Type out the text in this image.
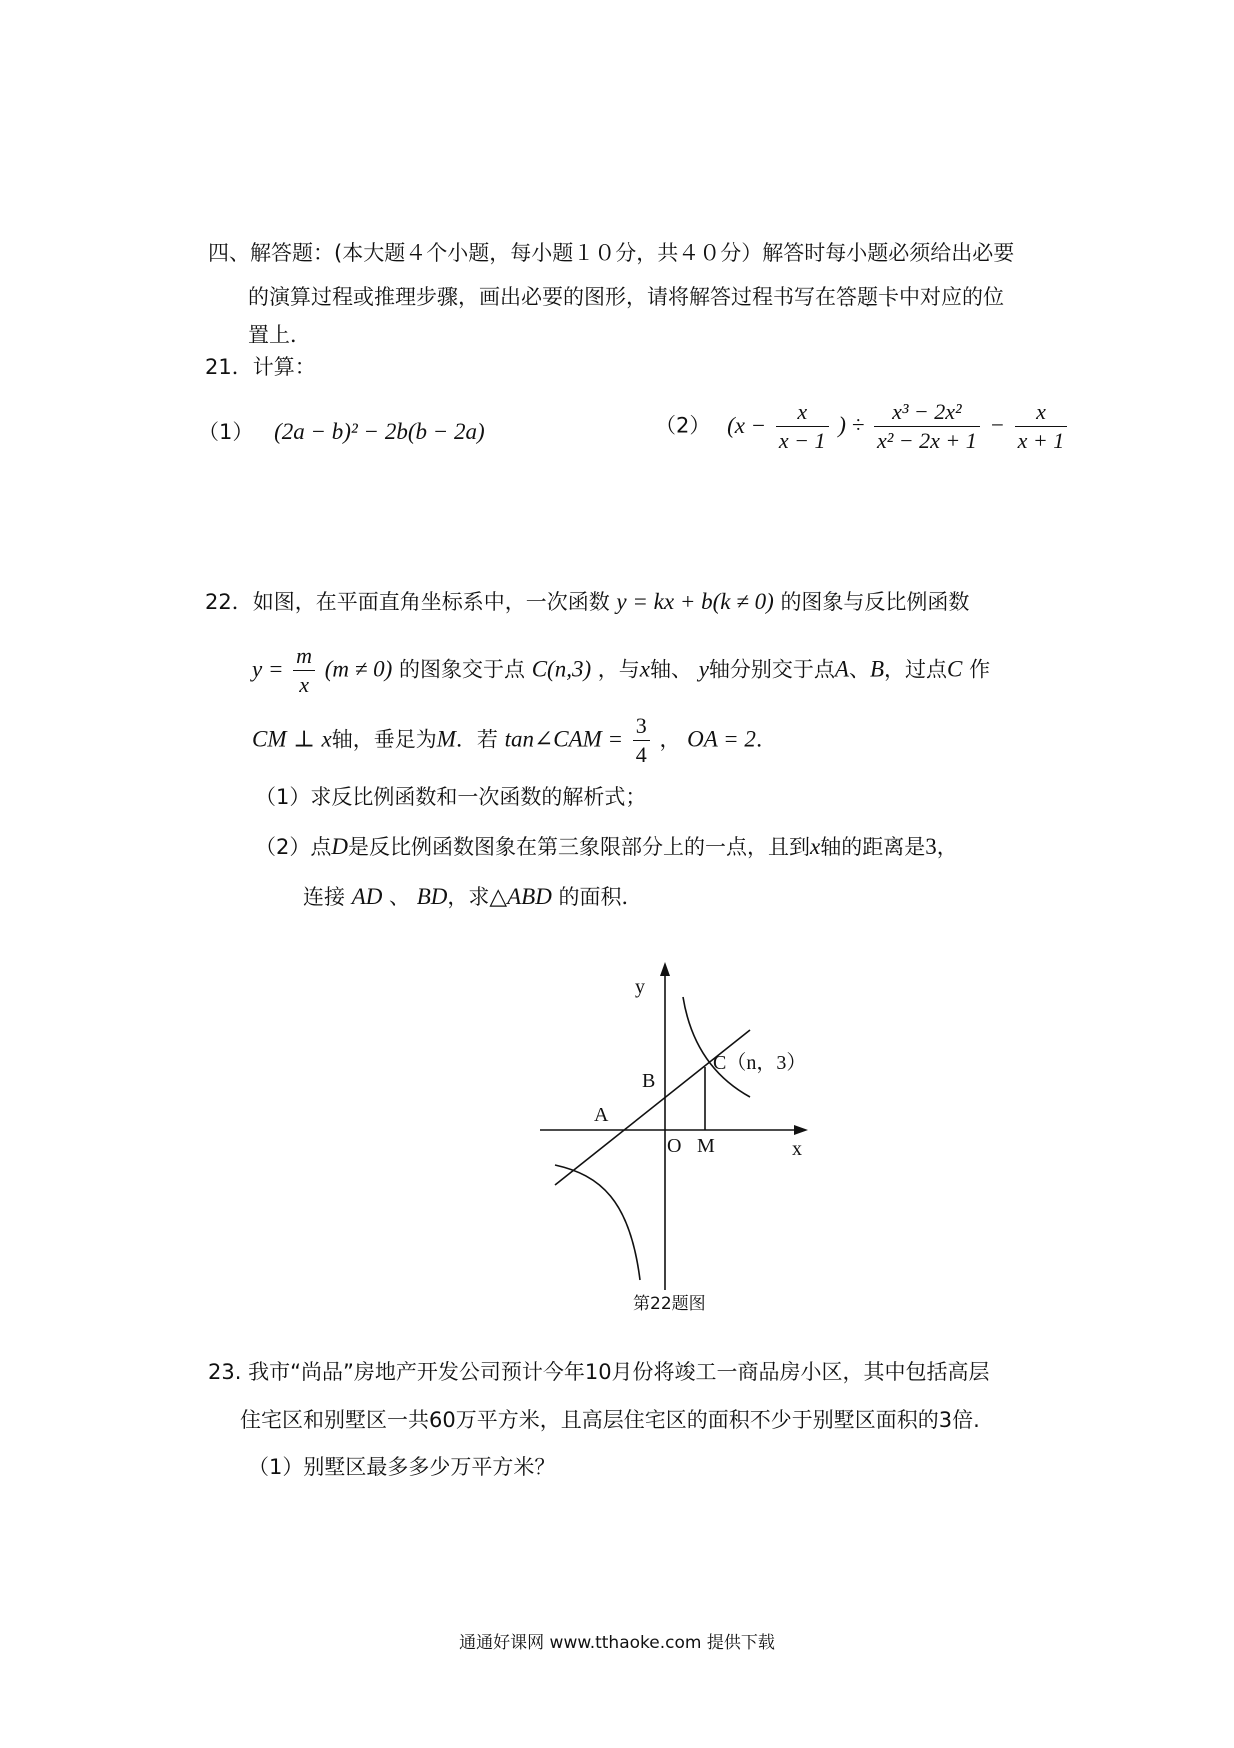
四、解答题：(本大题４个小题，每小题１０分，共４０分）解答时每小题必须给出必要
的演算过程或推理步骤，画出必要的图形，请将解答过程书写在答题卡中对应的位
置上．
21．计算：
（1） (2a − b)² − 2b(b − 2a)	（2） ($x - \frac{x}{x - 1}$ ) ÷ $\frac{\text{x³ − 2x²}}{\text{x² − 2x + 1}} - \frac{x}{x + 1}$
22．如图，在平面直角坐标系中，一次函数 y = kx + b(k ≠ 0) 的图象与反比例函数
$y = \frac{m}{x} (m \ne 0)$ 的图象交于点 C(n,3) ，与x轴、 y轴分别交于点A、B，过点C 作
CM ⊥ x轴，垂足为M．若 tan∠CAM = $\frac{3}{4}$ ， OA = 2．
（1）求反比例函数和一次函数的解析式；
（2）点D是反比例函数图象在第三象限部分上的一点，且到x轴的距离是3，
连接 AD 、 BD，求△ABD 的面积．
y
x
B
A
O M
C（n，3）
第22题图
23. 我市“尚品”房地产开发公司预计今年10月份将竣工一商品房小区，其中包括高层
住宅区和别墅区一共60万平方米，且高层住宅区的面积不少于别墅区面积的3倍.
（1）别墅区最多多少万平方米？
通通好课网 www.tthaoke.com 提供下载
